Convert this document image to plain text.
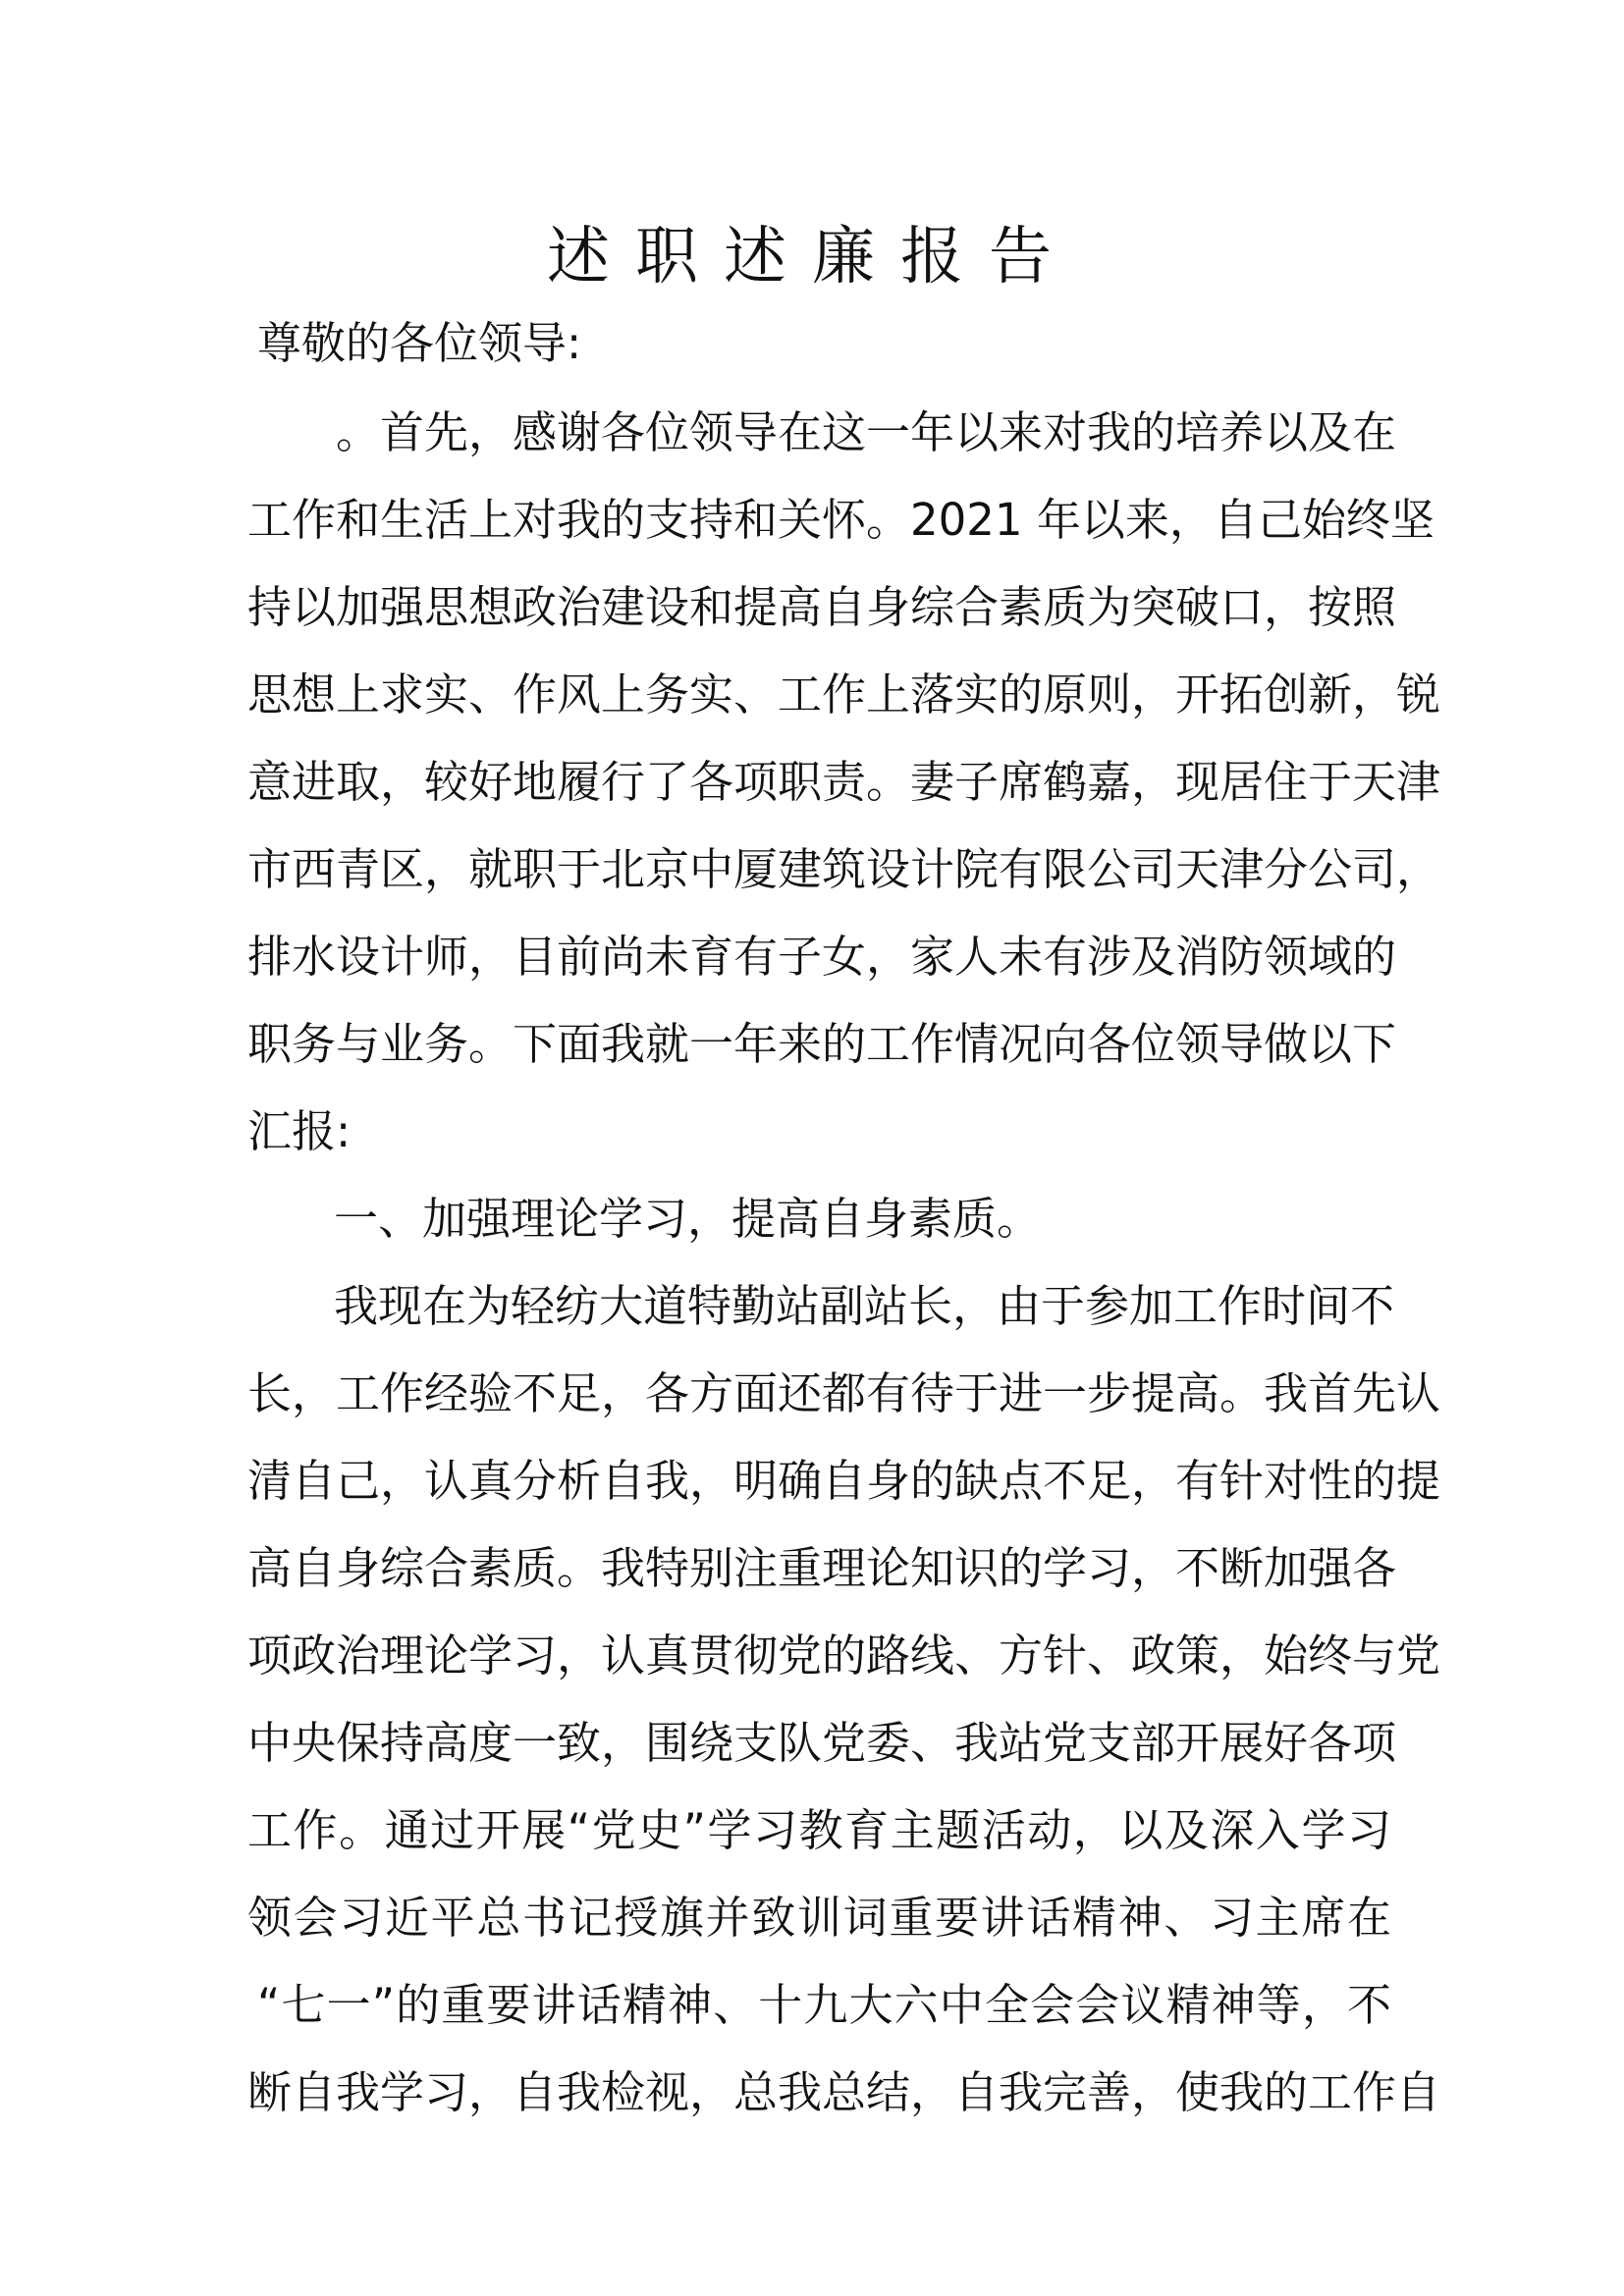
述职述廉报告
尊敬的各位领导:
。首先，感谢各位领导在这一年以来对我的培养以及在
工作和生活上对我的支持和关怀。2021 年以来，自己始终坚
持以加强思想政治建设和提高自身综合素质为突破口，按照
思想上求实、作风上务实、工作上落实的原则，开拓创新，锐
意进取，较好地履行了各项职责。妻子席鹤嘉，现居住于天津
市西青区，就职于北京中厦建筑设计院有限公司天津分公司，
排水设计师，目前尚未育有子女，家人未有涉及消防领域的
职务与业务。下面我就一年来的工作情况向各位领导做以下
汇报:
一、加强理论学习，提高自身素质。
我现在为轻纺大道特勤站副站长，由于参加工作时间不
长，工作经验不足，各方面还都有待于进一步提高。我首先认
清自己，认真分析自我，明确自身的缺点不足，有针对性的提
高自身综合素质。我特别注重理论知识的学习，不断加强各
项政治理论学习，认真贯彻党的路线、方针、政策，始终与党
中央保持高度一致，围绕支队党委、我站党支部开展好各项
工作。通过开展“党史”学习教育主题活动，以及深入学习
领会习近平总书记授旗并致训词重要讲话精神、习主席在
“七一”的重要讲话精神、十九大六中全会会议精神等，不
断自我学习，自我检视，总我总结，自我完善，使我的工作自
